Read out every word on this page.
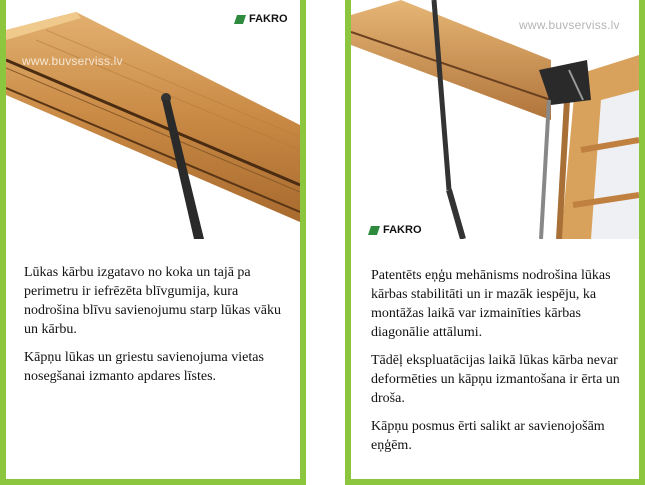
www.buvserviss.lv
FAKRO

Lūkas kārbu izgatavo no koka un tajā pa perimetru ir iefrēzēta blīvgumija, kura nodrošina blīvu savienojumu starp lūkas vāku un kārbu.

Kāpņu lūkas un griestu savienojuma vietas nosegšanai izmanto apdares līstes.

www.buvserviss.lv
FAKRO

Patentēts eņģu mehānisms nodrošina lūkas kārbas stabilitāti un ir mazāk iespēju, ka montāžas laikā var izmainīties kārbas diagonālie attālumi.

Tādēļ ekspluatācijas laikā lūkas kārba nevar deformēties un kāpņu izmantošana ir ērta un droša.

Kāpņu posmus ērti salikt ar savienojošām eņģēm.
